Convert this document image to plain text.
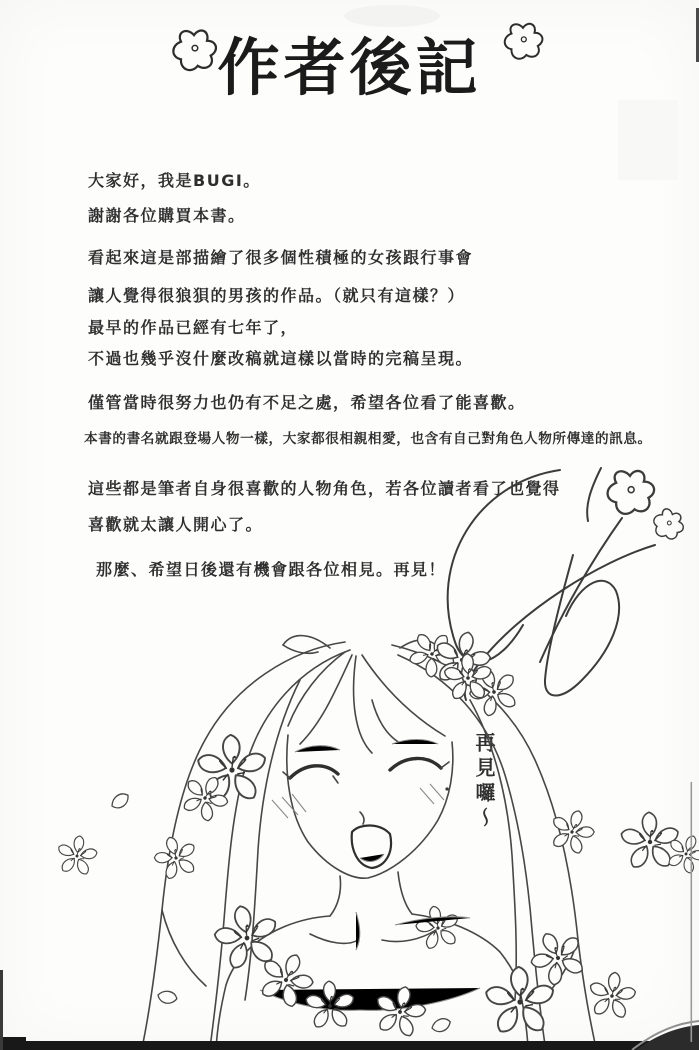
作者後記

大家好，我是BUGI。

謝謝各位購買本書。

看起來這是部描繪了很多個性積極的女孩跟行事會

讓人覺得很狼狽的男孩的作品。（就只有這樣？）

最早的作品已經有七年了，

不過也幾乎沒什麼改稿就這樣以當時的完稿呈現。

僅管當時很努力也仍有不足之處，希望各位看了能喜歡。

本書的書名就跟登場人物一樣，大家都很相親相愛，也含有自己對角色人物所傳達的訊息。

這些都是筆者自身很喜歡的人物角色，若各位讀者看了也覺得

喜歡就太讓人開心了。

那麼、希望日後還有機會跟各位相見。再見！

再見囉～
